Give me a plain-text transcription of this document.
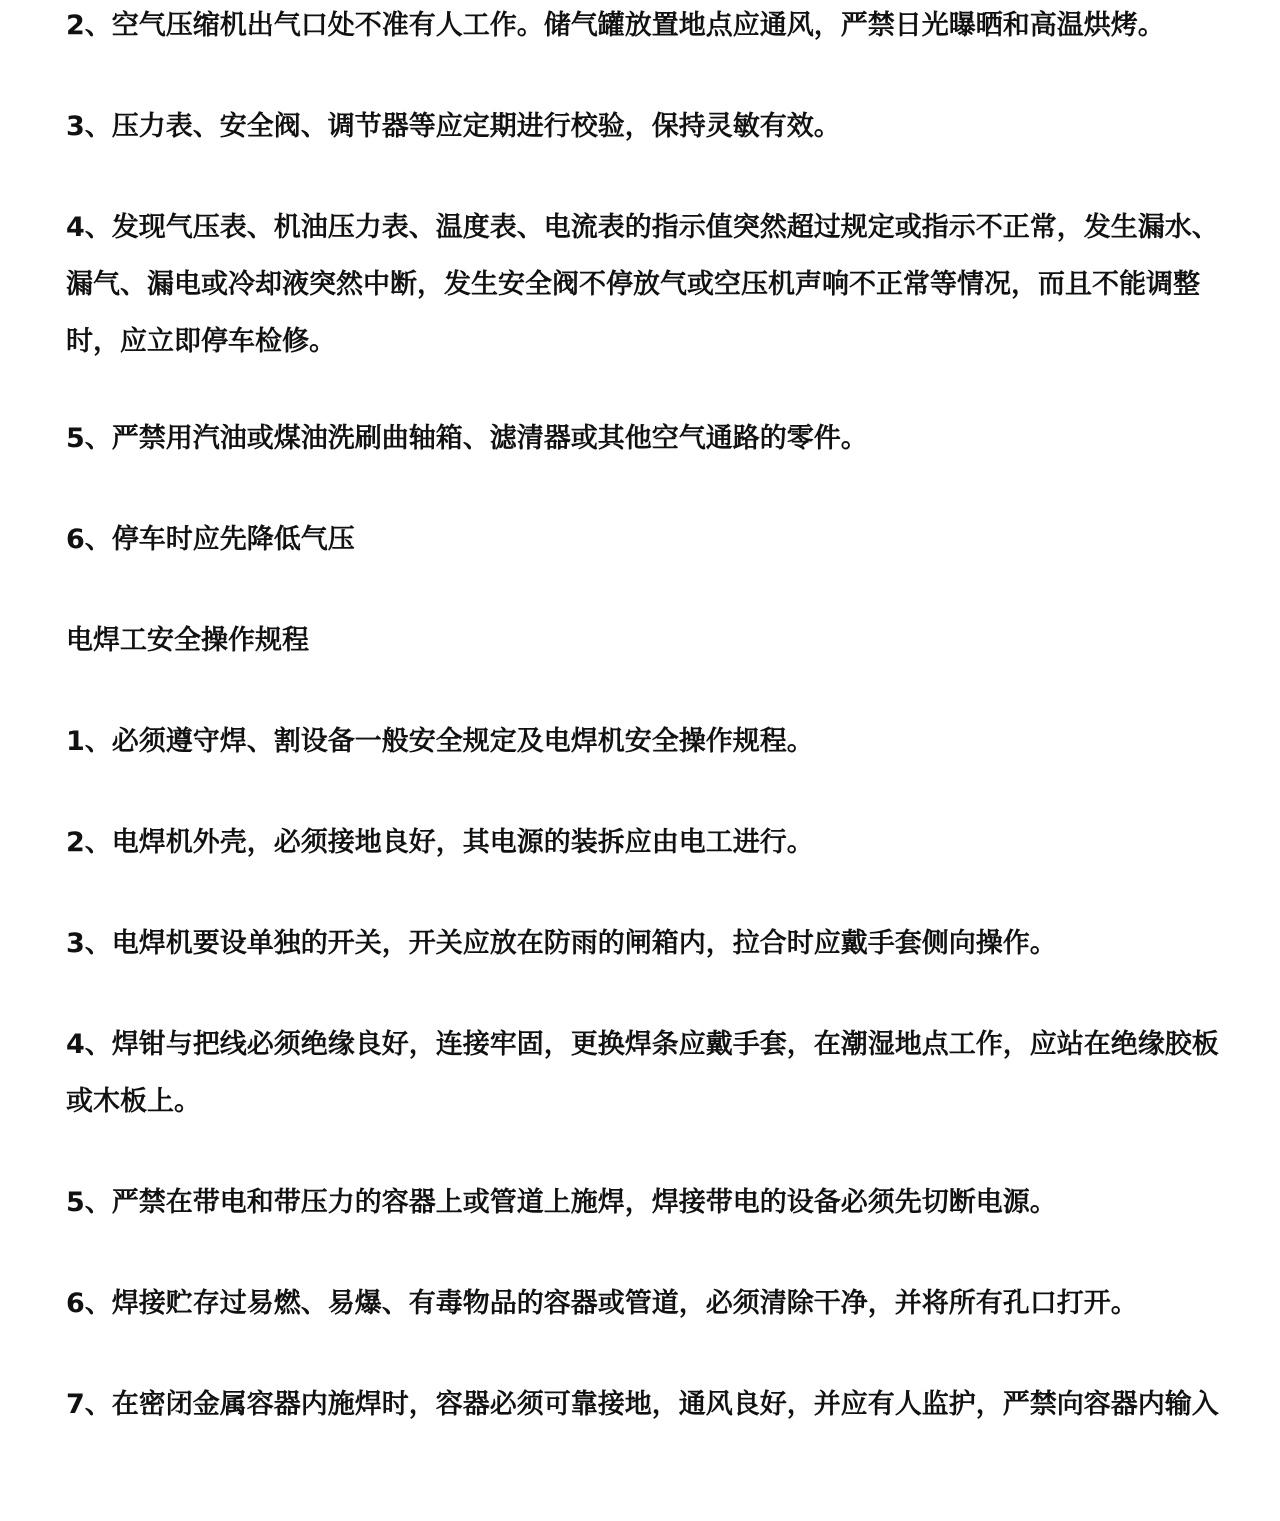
2、空气压缩机出气口处不准有人工作。储气罐放置地点应通风，严禁日光曝晒和高温烘烤。

3、压力表、安全阀、调节器等应定期进行校验，保持灵敏有效。

4、发现气压表、机油压力表、温度表、电流表的指示值突然超过规定或指示不正常，发生漏水、漏气、漏电或冷却液突然中断，发生安全阀不停放气或空压机声响不正常等情况，而且不能调整时，应立即停车检修。

5、严禁用汽油或煤油洗刷曲轴箱、滤清器或其他空气通路的零件。

6、停车时应先降低气压

电焊工安全操作规程

1、必须遵守焊、割设备一般安全规定及电焊机安全操作规程。

2、电焊机外壳，必须接地良好，其电源的装拆应由电工进行。

3、电焊机要设单独的开关，开关应放在防雨的闸箱内，拉合时应戴手套侧向操作。

4、焊钳与把线必须绝缘良好，连接牢固，更换焊条应戴手套，在潮湿地点工作，应站在绝缘胶板或木板上。

5、严禁在带电和带压力的容器上或管道上施焊，焊接带电的设备必须先切断电源。

6、焊接贮存过易燃、易爆、有毒物品的容器或管道，必须清除干净，并将所有孔口打开。

7、在密闭金属容器内施焊时，容器必须可靠接地，通风良好，并应有人监护，严禁向容器内输入
